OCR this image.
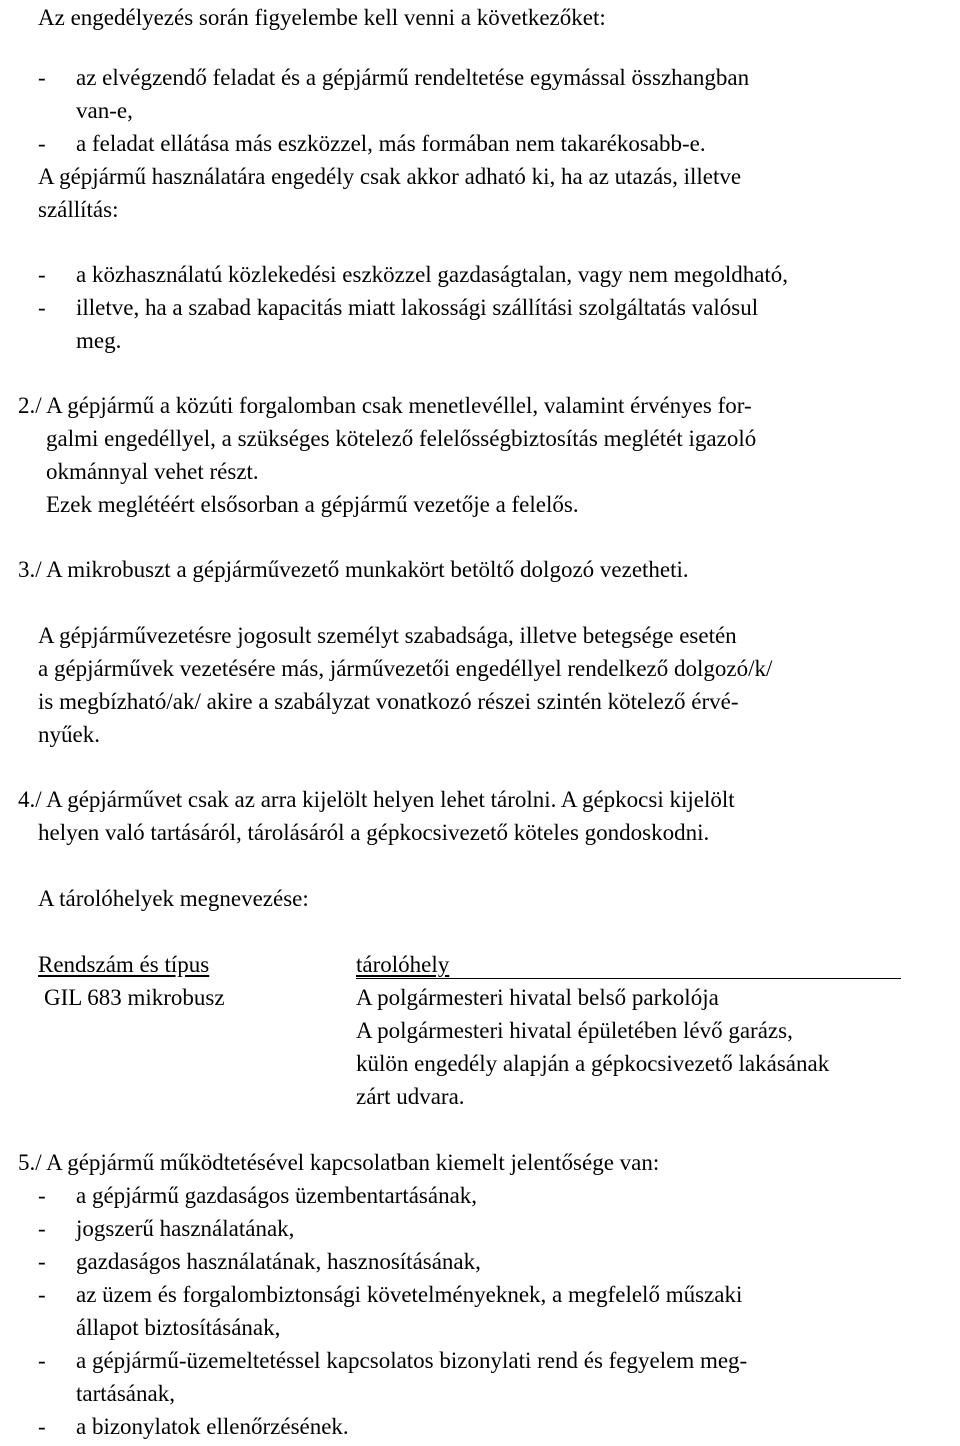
Az engedélyezés során figyelembe kell venni a következőket:
- az elvégzendő feladat és a gépjármű rendeltetése egymással összhangban
van-e,
- a feladat ellátása más eszközzel, más formában nem takarékosabb-e.
A gépjármű használatára engedély csak akkor adható ki, ha az utazás, illetve
szállítás:
- a közhasználatú közlekedési eszközzel gazdaságtalan, vagy nem megoldható,
- illetve, ha a szabad kapacitás miatt lakossági szállítási szolgáltatás valósul
meg.
2./ A gépjármű a közúti forgalomban csak menetlevéllel, valamint érvényes for-
galmi engedéllyel, a szükséges kötelező felelősségbiztosítás meglétét igazoló
okmánnyal vehet részt.
Ezek meglétéért elsősorban a gépjármű vezetője a felelős.
3./ A mikrobuszt a gépjárművezető munkakört betöltő dolgozó vezetheti.
A gépjárművezetésre jogosult személyt szabadsága, illetve betegsége esetén
a gépjárművek vezetésére más, járművezetői engedéllyel rendelkező dolgozó/k/
is megbízható/ak/ akire a szabályzat vonatkozó részei szintén kötelező érvé-
nyűek.
4./ A gépjárművet csak az arra kijelölt helyen lehet tárolni. A gépkocsi kijelölt
helyen való tartásáról, tárolásáról a gépkocsivezető köteles gondoskodni.
A tárolóhelyek megnevezése:
Rendszám és típus	tárolóhely
GIL 683 mikrobusz	A polgármesteri hivatal belső parkolója
A polgármesteri hivatal épületében lévő garázs,
külön engedély alapján a gépkocsivezető lakásának
zárt udvara.
5./ A gépjármű működtetésével kapcsolatban kiemelt jelentősége van:
- a gépjármű gazdaságos üzembentartásának,
- jogszerű használatának,
- gazdaságos használatának, hasznosításának,
- az üzem és forgalombiztonsági követelményeknek, a megfelelő műszaki
állapot biztosításának,
- a gépjármű-üzemeltetéssel kapcsolatos bizonylati rend és fegyelem meg-
tartásának,
- a bizonylatok ellenőrzésének.
